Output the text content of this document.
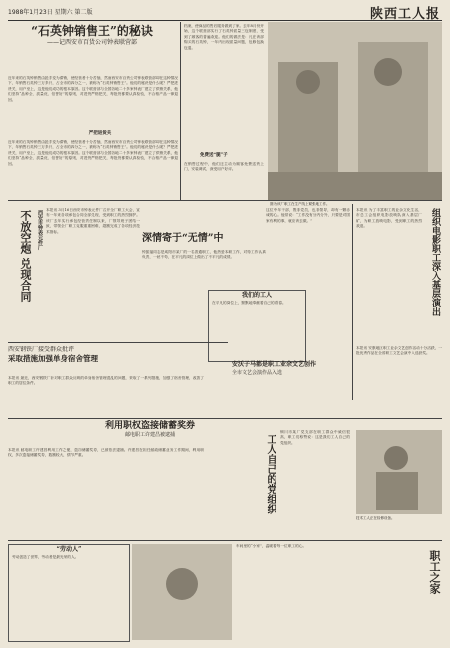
1988年1月23日 星期六 第二版	陕西工人报
“石英钟销售王”的秘诀
——记西安市百货公司钟表联营部
近年来的石英钟销售由抢手变为滞销，使经营者十分苦恼，然而西安市百货公司钟表联营部却在这种情况下，年销售石英钟三万多只，占全市的四分之一，被称为“石英钟销售王”。他们的秘诀是什么呢？严把进货关，用户至上，这是他们成功的根本原因。这个联营部与全国各地二十多家钟表厂建立了供销关系，他们坚持“品种全、质量优、信誉好”的原则，对进货严格把关，每批货都要认真检验，不合格产品一律退回。
严把进货关
近年来的石英钟销售由抢手变为滞销，使经营者十分苦恼，然而西安市百货公司钟表联营部却在这种情况下，年销售石英钟三万多只，占全市的四分之一，被称为“石英钟销售王”。他们的秘诀是什么呢？严把进货关，用户至上，这是他们成功的根本原因。这个联营部与全国各地二十多家钟表厂建立了供销关系，他们坚持“品种全、质量优、信誉好”的原则，对进货严格把关，每批货都要认真检验，不合格产品一律退回。
档案，使商品的售后服务做到了家。去年8月份开始，这个联营部实行了石英钟质量三包制度，受到了顾客的普遍欢迎。他们的做法是：凡在该部购买的石英钟，一年内出现质量问题，包修包换包退。
免费送“腿”子
在销售过程中，他们还主动为顾客免费送货上门，安装调试，深受用户好评。
图为该厂职工在生产线上紧张地工作。
不放空炮 兑现合同	西安市钟表元件厂 本报讯 3月16日西安市钟表元件厂召开全厂职工大会，宣布一年来各项承包合同全部兑现，受到职工的热烈拥护。该厂去年实行承包经营责任制以来，厂领导班子团结一致，带领全厂职工克服重重困难，超额完成了各项经济技术指标。
深情寄于“无情”中
钟振福同志是咸阳市某厂的一名普通职工，他热爱本职工作，对待工作认真负责，一丝不苟，在平凡的岗位上做出了不平凡的成绩。
这位中年干部，既非党员，也非领导，却有一颗赤诚的心。他常说：“工作没有分内分外，只要是对国家有利的事，就应该去做。”
我们的工人
在平凡的岗位上，默默地奉献着自己的青春。	组织电影职工深入基层演出
本报讯 为了丰富职工的业余文化生活，市总工会组织电影放映队深入基层厂矿，为职工放映电影，受到职工的热烈欢迎。
西安钢铁厂接受群众批评
采取措施加强单身宿舍管理
本报讯 最近，西安钢铁厂针对职工群众反映的单身宿舍管理混乱的问题，采取了一系列措施，加强了宿舍管理，改善了职工的居住条件。
安沃子马都是职工业余文艺创作
全市文艺会演作品入选
本报讯 安康地区职工业余文艺创作活动十分活跃，一批优秀作品在全省职工文艺会演中入选获奖。
利用职权盗接储蓄奖券
邮电职工许建昌被逮捕
本报讯 邮电职工许建昌利用工作之便，盗窃储蓄奖券，已被依法逮捕。许建昌在担任邮政储蓄业务工作期间，利用职权，多次盗接储蓄奖券，数额较大，情节严重。	工人自己的党组织
铜川市某厂党支部在职工群众中威信很高，职工们称赞说：这是我们工人自己的党组织。
技术工人正在检修设备。
“劳动人”
劳动创造了世界，劳动者是最光荣的人。
车间里的“小家”，温暖着每一位职工的心。
职工之家
